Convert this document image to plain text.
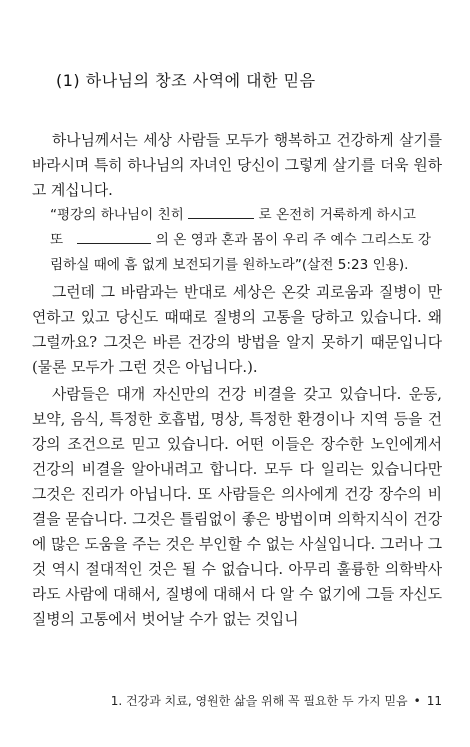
(1) 하나님의 창조 사역에 대한 믿음

하나님께서는 세상 사람들 모두가 행복하고 건강하게 살기를 바라시며 특히 하나님의 자녀인 당신이 그렇게 살기를 더욱 원하고 계십니다.

“평강의 하나님이 친히	로 온전히 거룩하게 하시고
또	의 온 영과 혼과 몸이 우리 주 예수 그리스도 강
림하실 때에 흠 없게 보전되기를 원하노라”(살전 5:23 인용).

그런데 그 바람과는 반대로 세상은 온갖 괴로움과 질병이 만연하고 있고 당신도 때때로 질병의 고통을 당하고 있습니다. 왜 그럴까요? 그것은 바른 건강의 방법을 알지 못하기 때문입니다(물론 모두가 그런 것은 아닙니다.).

사람들은 대개 자신만의 건강 비결을 갖고 있습니다. 운동, 보약, 음식, 특정한 호흡법, 명상, 특정한 환경이나 지역 등을 건강의 조건으로 믿고 있습니다. 어떤 이들은 장수한 노인에게서 건강의 비결을 알아내려고 합니다. 모두 다 일리는 있습니다만 그것은 진리가 아닙니다. 또 사람들은 의사에게 건강 장수의 비결을 묻습니다. 그것은 틀림없이 좋은 방법이며 의학지식이 건강에 많은 도움을 주는 것은 부인할 수 없는 사실입니다. 그러나 그것 역시 절대적인 것은 될 수 없습니다. 아무리 훌륭한 의학박사라도 사람에 대해서, 질병에 대해서 다 알 수 없기에 그들 자신도 질병의 고통에서 벗어날 수가 없는 것입니

1. 건강과 치료, 영원한 삶을 위해 꼭 필요한 두 가지 믿음 • 11
